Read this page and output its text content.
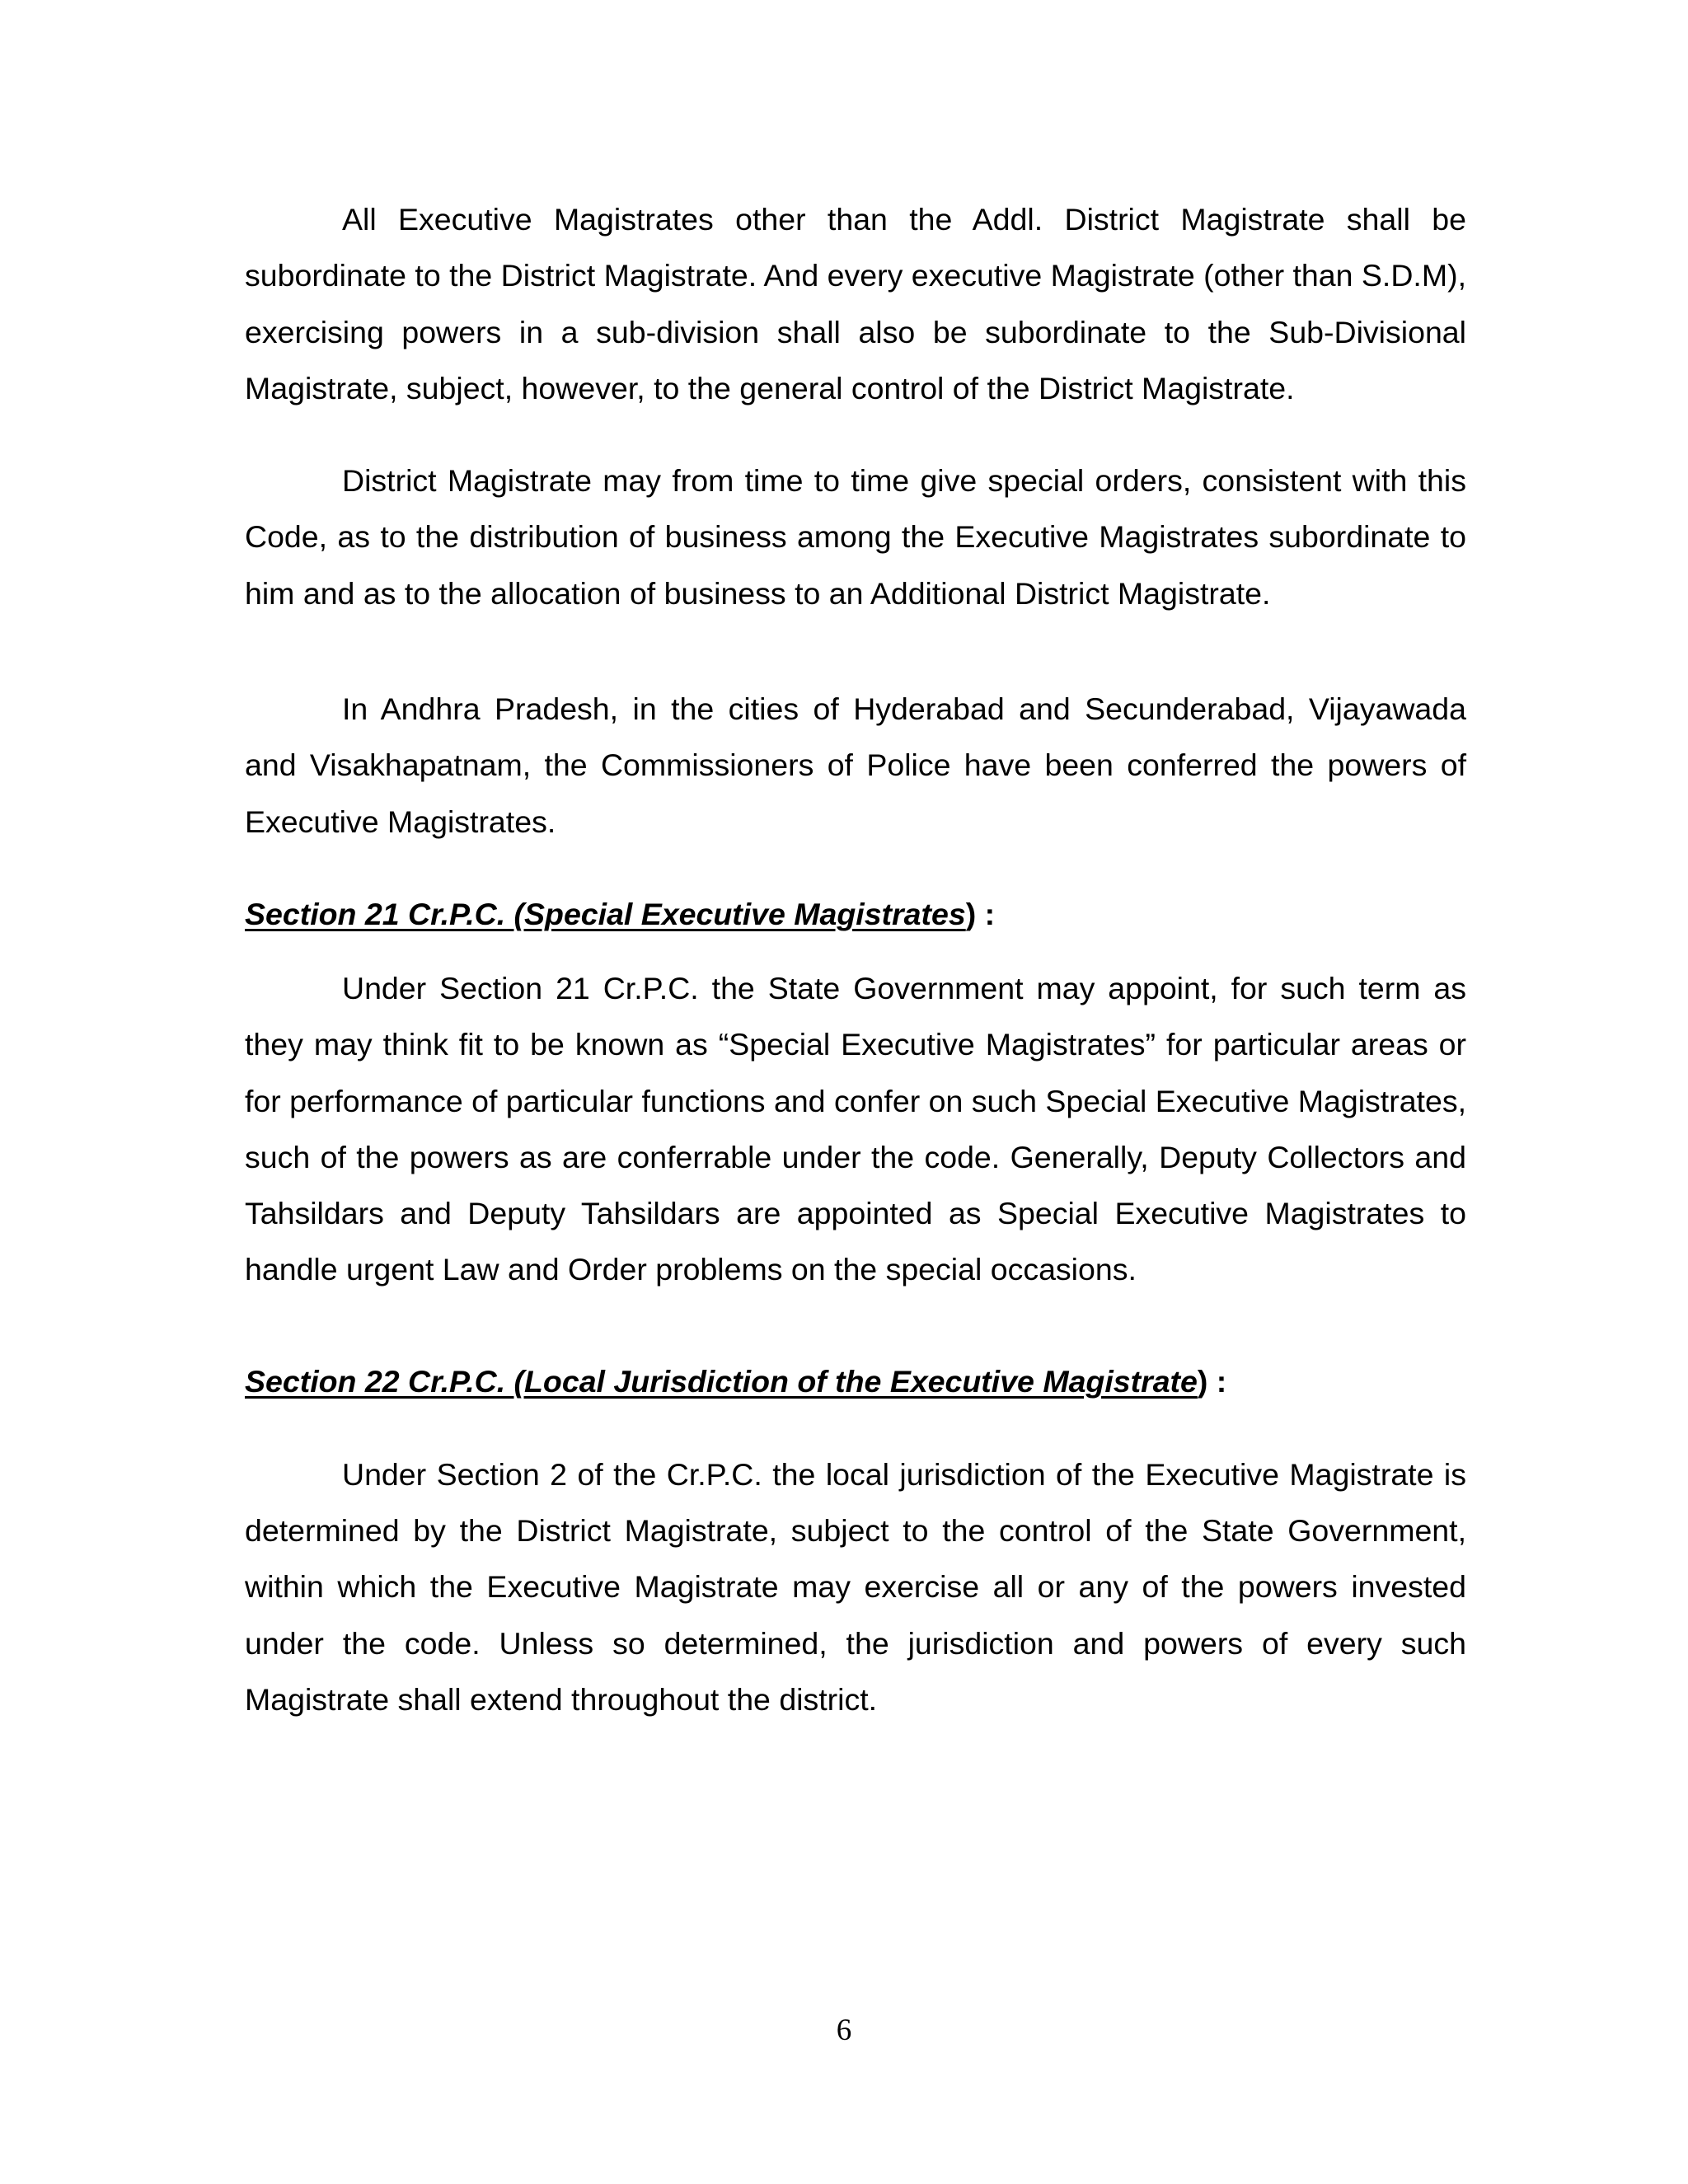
All Executive Magistrates other than the Addl. District Magistrate shall be subordinate to the District Magistrate. And every executive Magistrate (other than S.D.M), exercising powers in a sub-division shall also be subordinate to the Sub-Divisional Magistrate, subject, however, to the general control of the District Magistrate.

District Magistrate may from time to time give special orders, consistent with this Code, as to the distribution of business among the Executive Magistrates subordinate to him and as to the allocation of business to an Additional District Magistrate.

In Andhra Pradesh, in the cities of Hyderabad and Secunderabad, Vijayawada and Visakhapatnam, the Commissioners of Police have been conferred the powers of Executive Magistrates.

Section 21 Cr.P.C. (Special Executive Magistrates) :

Under Section 21 Cr.P.C. the State Government may appoint, for such term as they may think fit to be known as “Special Executive Magistrates” for particular areas or for performance of particular functions and confer on such Special Executive Magistrates, such of the powers as are conferrable under the code. Generally, Deputy Collectors and Tahsildars and Deputy Tahsildars are appointed as Special Executive Magistrates to handle urgent Law and Order problems on the special occasions.

Section 22 Cr.P.C. (Local Jurisdiction of the Executive Magistrate) :

Under Section 2 of the Cr.P.C. the local jurisdiction of the Executive Magistrate is determined by the District Magistrate, subject to the control of the State Government, within which the Executive Magistrate may exercise all or any of the powers invested under the code. Unless so determined, the jurisdiction and powers of every such Magistrate shall extend throughout the district.

6
